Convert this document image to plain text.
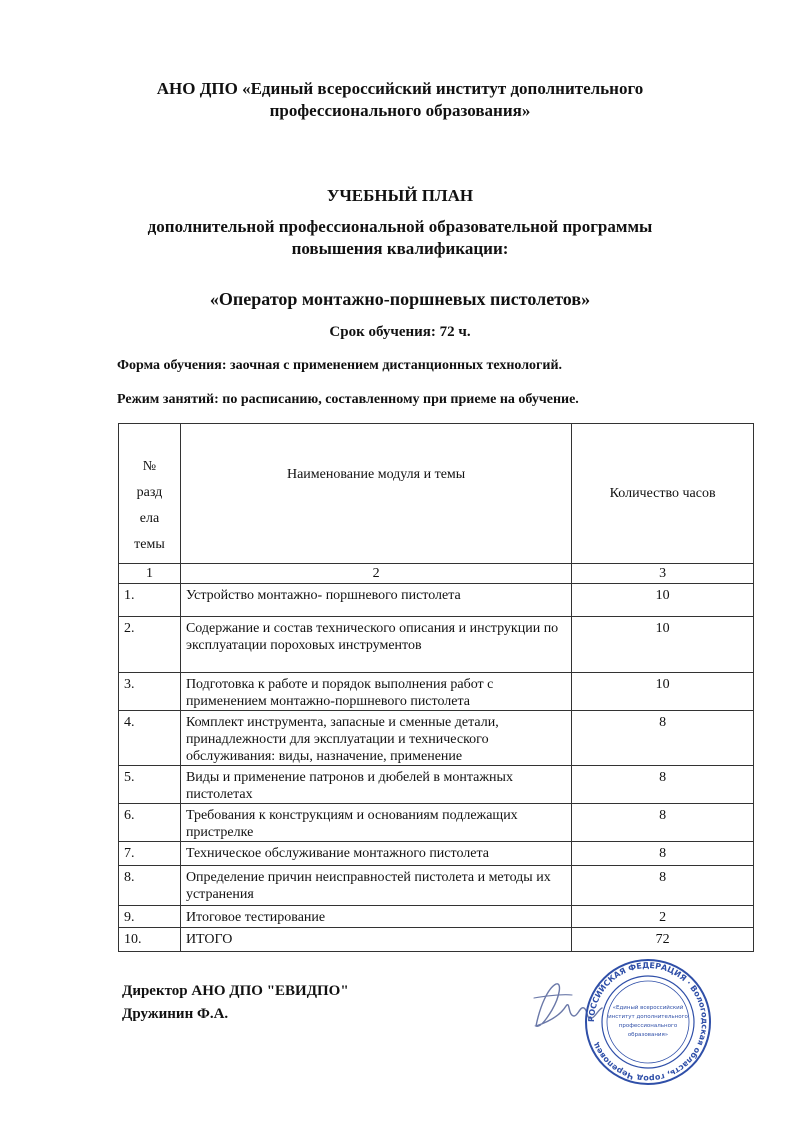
АНО ДПО «Единый всероссийский институт дополнительного
профессионального образования»
УЧЕБНЫЙ ПЛАН
дополнительной профессиональной образовательной программы
повышения квалификации:
«Оператор монтажно-поршневых пистолетов»
Срок обучения: 72 ч.
Форма обучения: заочная с применением дистанционных технологий.
Режим занятий: по расписанию, составленному при приеме на обучение.
№
разд
ела
темы	Наименование модуля и темы	Количество часов
1	2	3
1.	Устройство монтажно- поршневого пистолета	10
2.	Содержание и состав технического описания и инструкции по эксплуатации пороховых инструментов	10
3.	Подготовка к работе и порядок выполнения работ с применением монтажно-поршневого пистолета	10
4.	Комплект инструмента, запасные и сменные детали, принадлежности для эксплуатации и технического обслуживания: виды, назначение, применение	8
5.	Виды и применение патронов и дюбелей в монтажных пистолетах	8
6.	Требования к конструкциям и основаниям подлежащих пристрелке	8
7.	Техническое обслуживание монтажного пистолета	8
8.	Определение причин неисправностей пистолета и методы их устранения	8
9.	Итоговое тестирование	2
10.	ИТОГО	72
Директор АНО ДПО "ЕВИДПО"
Дружинин Ф.А.	РОССИЙСКАЯ ФЕДЕРАЦИЯ · Вологодская область, город Череповец
«Единый всероссийский
институт дополнительного
профессионального
образования»
